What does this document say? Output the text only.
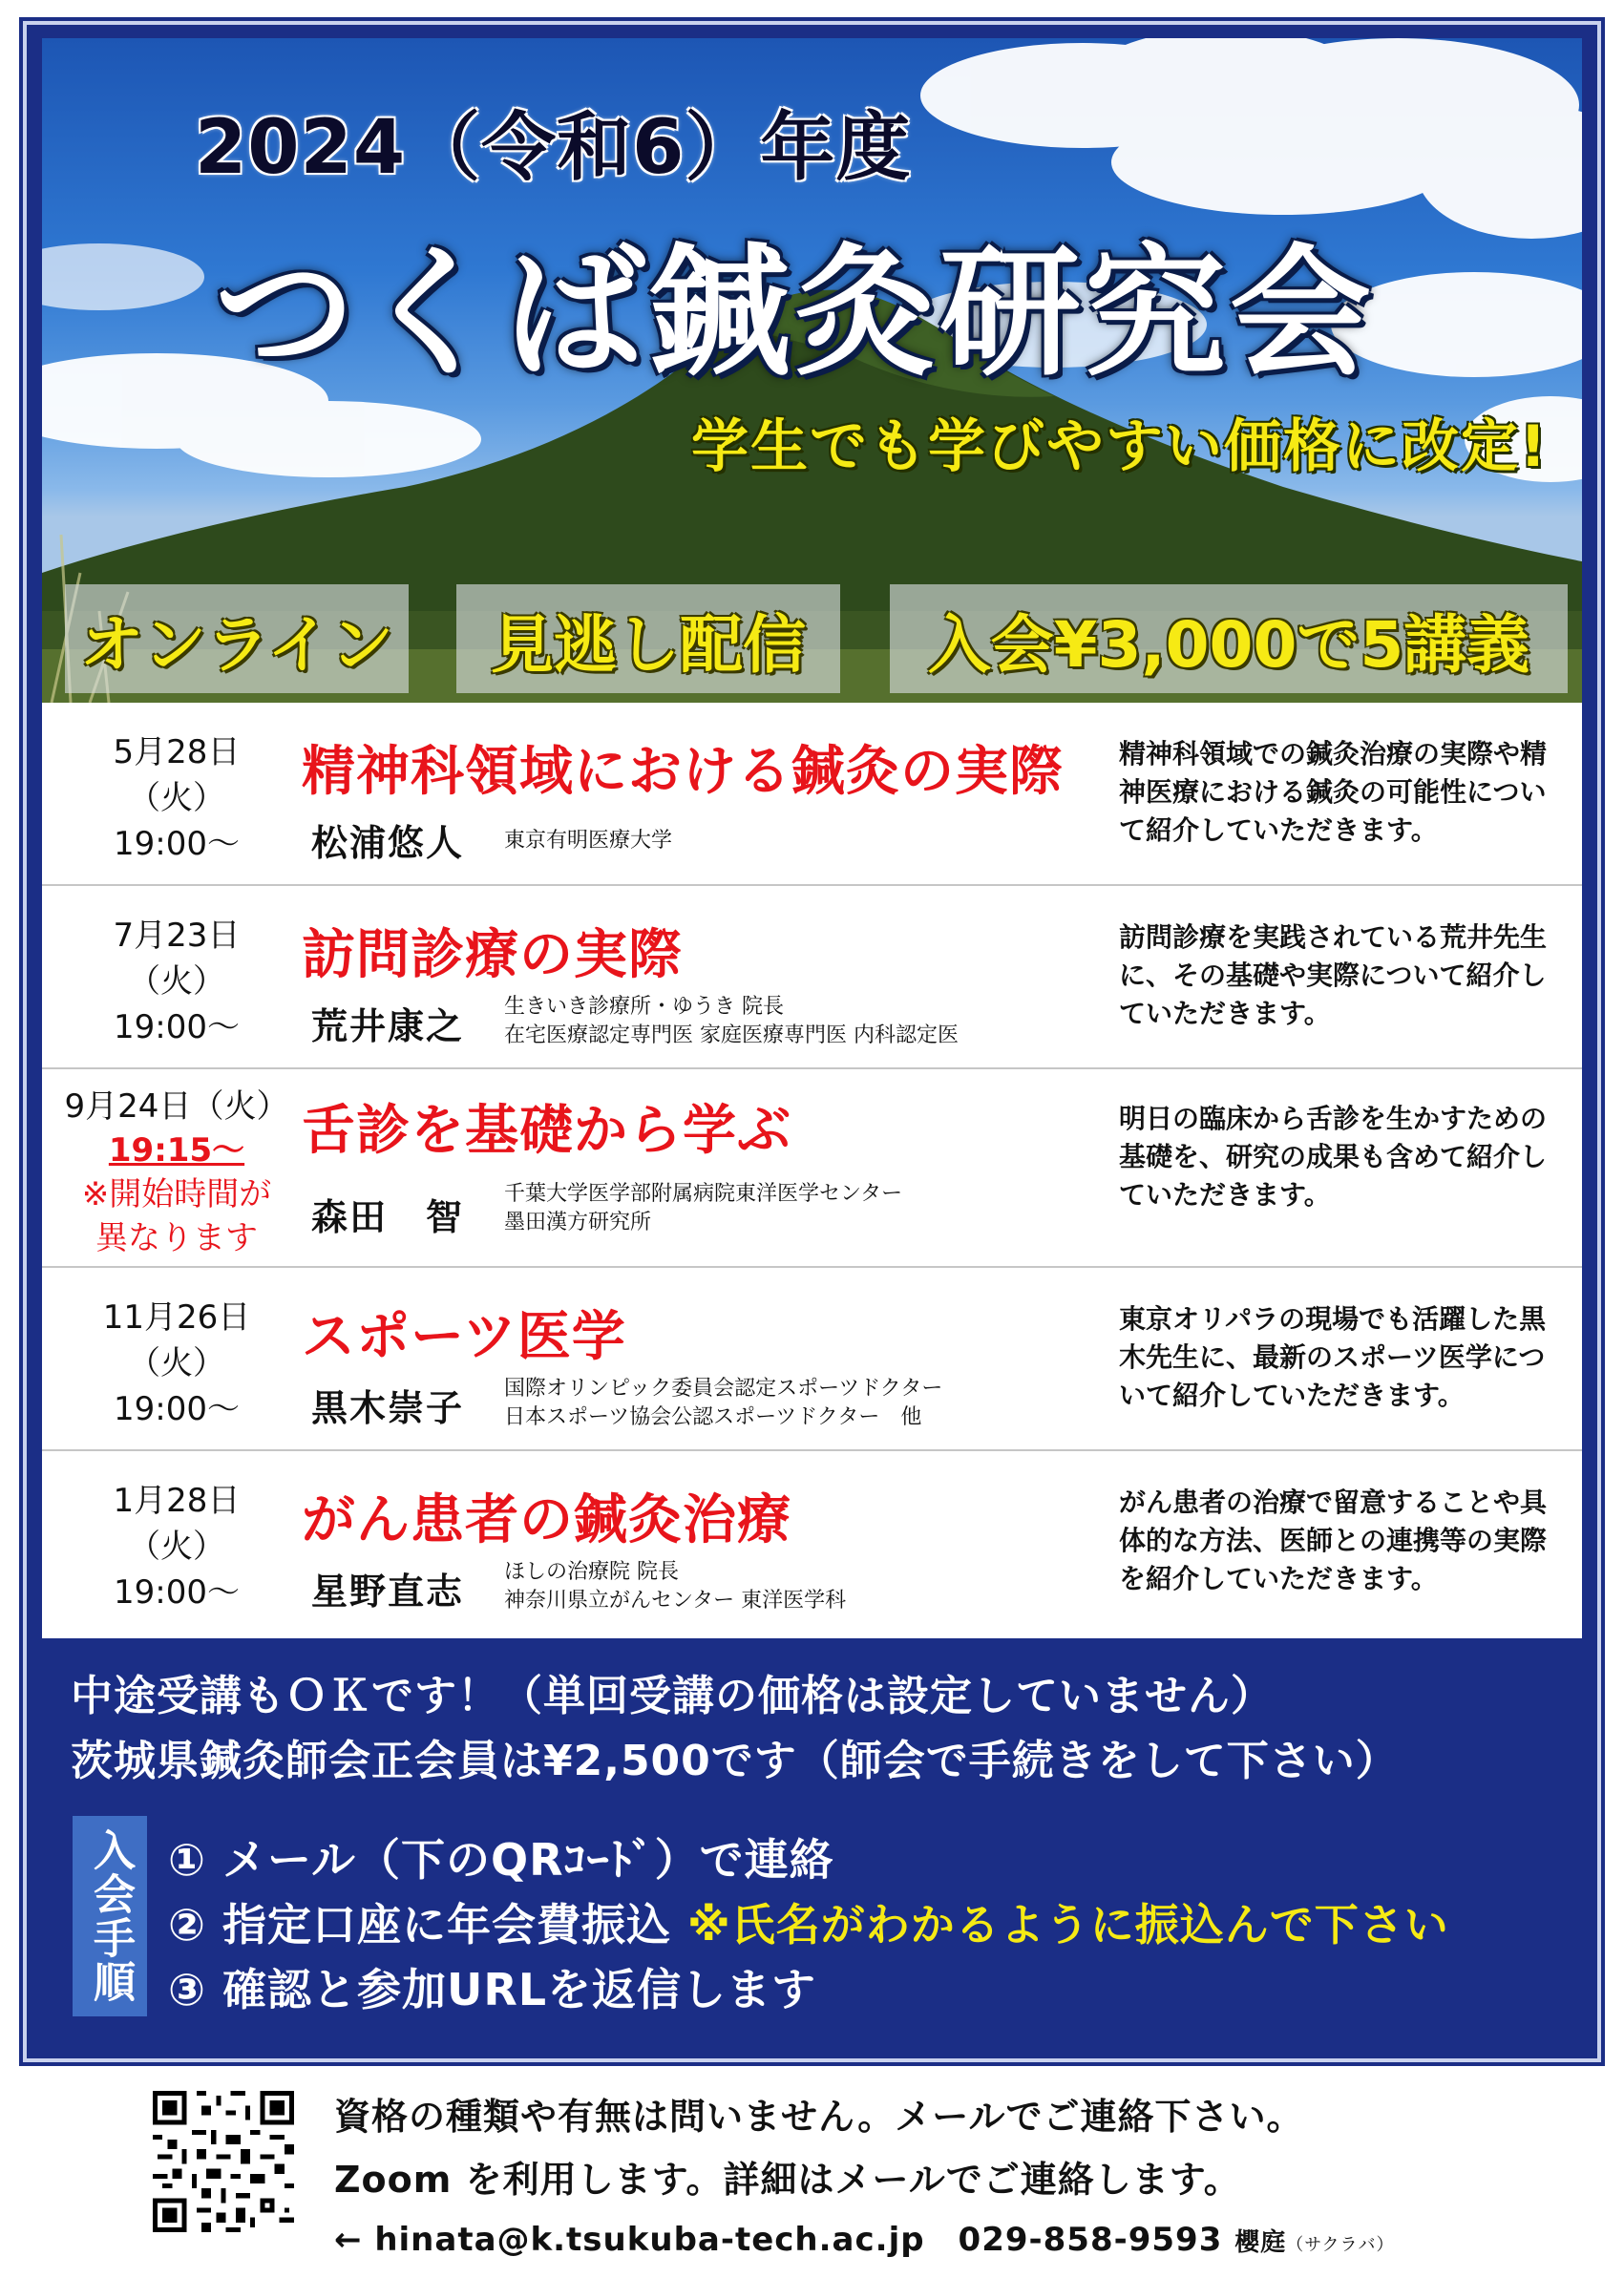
2024（令和6）年度
つくば鍼灸研究会
学生でも学びやすい価格に改定!
オンライン	見逃し配信	入会¥3,000で5講義
5月28日
（火）
19:00～
精神科領域における鍼灸の実際
松浦悠人 東京有明医療大学
精神科領域での鍼灸治療の実際や精神医療における鍼灸の可能性について紹介していただきます。
7月23日
（火）
19:00～
訪問診療の実際
荒井康之 生きいき診療所・ゆうき 院長
在宅医療認定専門医 家庭医療専門医 内科認定医
訪問診療を実践されている荒井先生に、その基礎や実際について紹介していただきます。
9月24日（火）
19:15～
※開始時間が
異なります
舌診を基礎から学ぶ
森田　智
千葉大学医学部附属病院東洋医学センター
墨田漢方研究所
明日の臨床から舌診を生かすための基礎を、研究の成果も含めて紹介していただきます。
11月26日
（火）
19:00～
スポーツ医学
黒木崇子 国際オリンピック委員会認定スポーツドクター
日本スポーツ協会公認スポーツドクター　他
東京オリパラの現場でも活躍した黒木先生に、最新のスポーツ医学について紹介していただきます。
1月28日
（火）
19:00～
がん患者の鍼灸治療
星野直志 ほしの治療院 院長
神奈川県立がんセンター 東洋医学科
がん患者の治療で留意することや具体的な方法、医師との連携等の実際を紹介していただきます。
中途受講もＯＫです！（単回受講の価格は設定していません）
茨城県鍼灸師会正会員は¥2,500です（師会で手続きをして下さい）
入会手順 ① メール（下のQRｺｰﾄﾞ）で連絡
② 指定口座に年会費振込 ※氏名がわかるように振込んで下さい
③ 確認と参加URLを返信します
資格の種類や有無は問いません。メールでご連絡下さい。
Zoom を利用します。詳細はメールでご連絡します。
← hinata@k.tsukuba-tech.ac.jp　029-858-9593 櫻庭（サクラバ）
